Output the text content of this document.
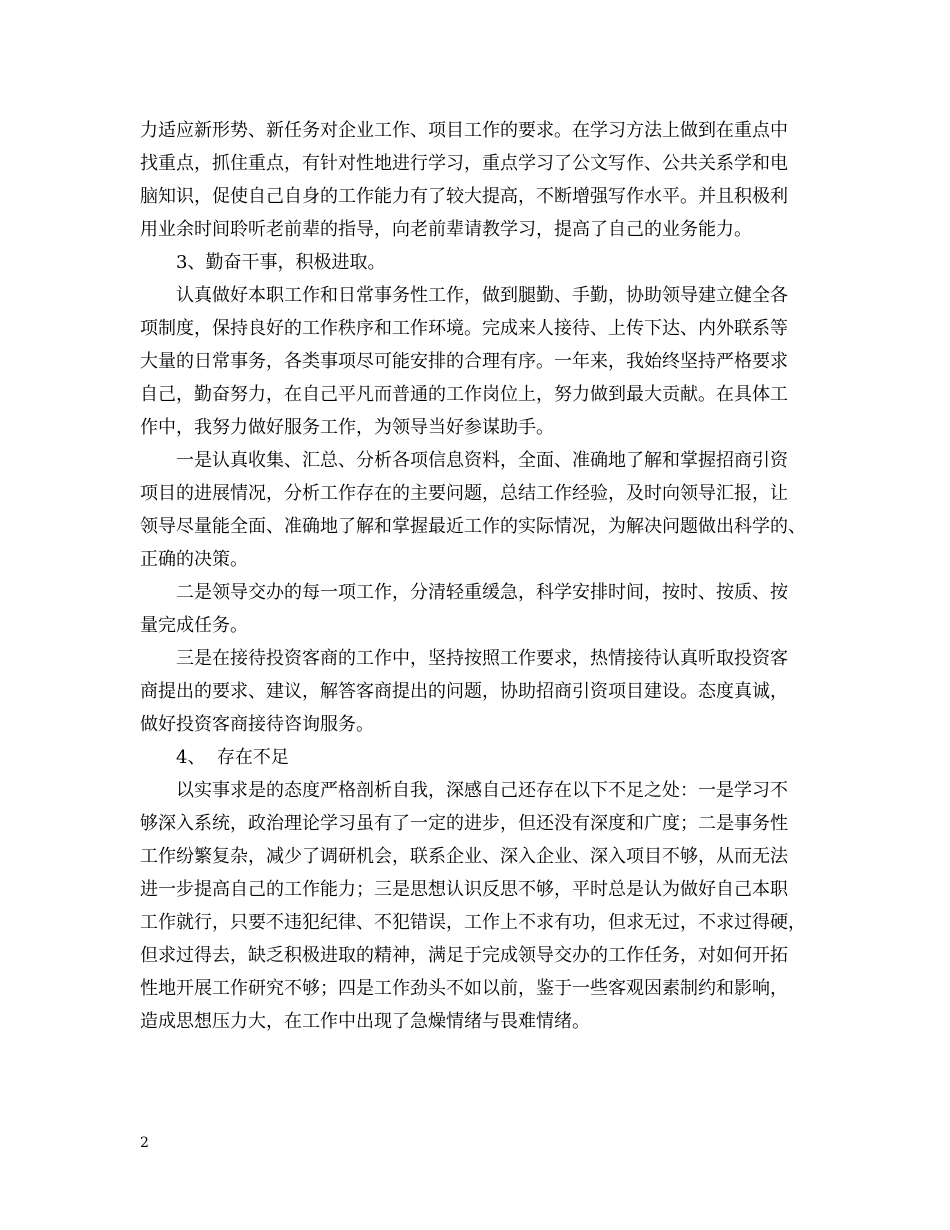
力适应新形势、新任务对企业工作、项目工作的要求。在学习方法上做到在重点中
找重点，抓住重点，有针对性地进行学习，重点学习了公文写作、公共关系学和电
脑知识，促使自己自身的工作能力有了较大提高，不断增强写作水平。并且积极利
用业余时间聆听老前辈的指导，向老前辈请教学习，提高了自己的业务能力。
3、勤奋干事，积极进取。
认真做好本职工作和日常事务性工作，做到腿勤、手勤，协助领导建立健全各
项制度，保持良好的工作秩序和工作环境。完成来人接待、上传下达、内外联系等
大量的日常事务，各类事项尽可能安排的合理有序。一年来，我始终坚持严格要求
自己，勤奋努力，在自己平凡而普通的工作岗位上，努力做到最大贡献。在具体工
作中，我努力做好服务工作，为领导当好参谋助手。
一是认真收集、汇总、分析各项信息资料，全面、准确地了解和掌握招商引资
项目的进展情况，分析工作存在的主要问题，总结工作经验，及时向领导汇报，让
领导尽量能全面、准确地了解和掌握最近工作的实际情况，为解决问题做出科学的、
正确的决策。
二是领导交办的每一项工作，分清轻重缓急，科学安排时间，按时、按质、按
量完成任务。
三是在接待投资客商的工作中，坚持按照工作要求，热情接待认真听取投资客
商提出的要求、建议，解答客商提出的问题，协助招商引资项目建设。态度真诚，
做好投资客商接待咨询服务。
4、  存在不足
以实事求是的态度严格剖析自我，深感自己还存在以下不足之处：一是学习不
够深入系统，政治理论学习虽有了一定的进步，但还没有深度和广度；二是事务性
工作纷繁复杂，减少了调研机会，联系企业、深入企业、深入项目不够，从而无法
进一步提高自己的工作能力；三是思想认识反思不够，平时总是认为做好自己本职
工作就行，只要不违犯纪律、不犯错误，工作上不求有功，但求无过，不求过得硬，
但求过得去，缺乏积极进取的精神，满足于完成领导交办的工作任务，对如何开拓
性地开展工作研究不够；四是工作劲头不如以前，鉴于一些客观因素制约和影响，
造成思想压力大，在工作中出现了急燥情绪与畏难情绪。
2
